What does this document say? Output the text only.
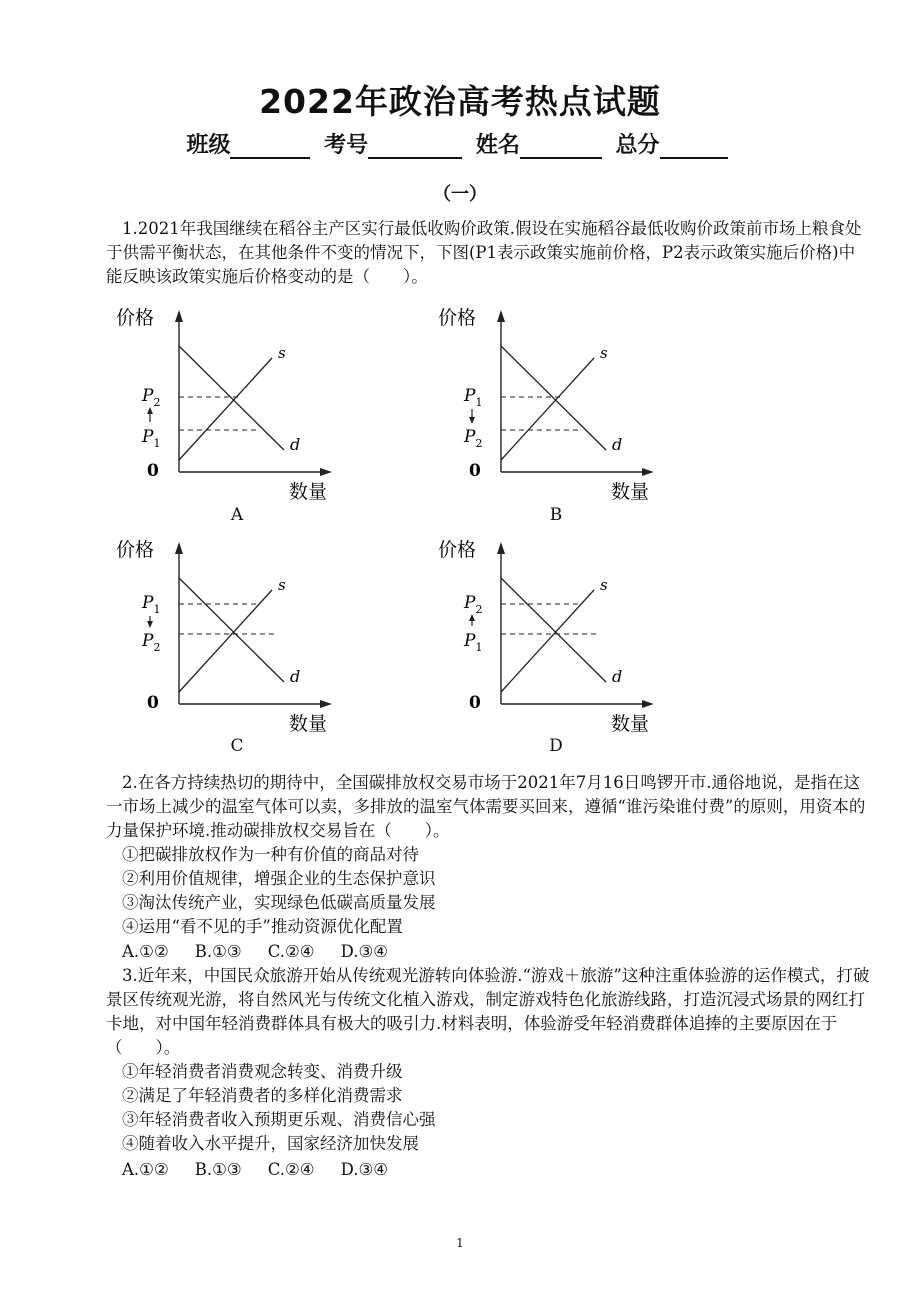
2022年政治高考热点试题
班级	考号	姓名	总分
（一）
1.2021年我国继续在稻谷主产区实行最低收购价政策.假设在实施稻谷最低收购价政策前市场上粮食处于供需平衡状态，在其他条件不变的情况下，下图(P1表示政策实施前价格，P2表示政策实施后价格)中能反映该政策实施后价格变动的是（　　）。
价格
数量
0
s
d
$P_2$
$P_1$
价格
数量
0
s
d
$P_1$
$P_2$
价格
数量
0
s
d
$P_1$
$P_2$
价格
数量
0
s
d
$P_2$
$P_1$
A	B
C	D
2.在各方持续热切的期待中，全国碳排放权交易市场于2021年7月16日鸣锣开市.通俗地说，是指在这一市场上减少的温室气体可以卖，多排放的温室气体需要买回来，遵循“谁污染谁付费”的原则，用资本的力量保护环境.推动碳排放权交易旨在（　　）。
①把碳排放权作为一种有价值的商品对待
②利用价值规律，增强企业的生态保护意识
③淘汰传统产业，实现绿色低碳高质量发展
④运用“看不见的手”推动资源优化配置
A.①② B.①③ C.②④ D.③④
3.近年来，中国民众旅游开始从传统观光游转向体验游.“游戏＋旅游”这种注重体验游的运作模式，打破景区传统观光游，将自然风光与传统文化植入游戏，制定游戏特色化旅游线路，打造沉浸式场景的网红打卡地，对中国年轻消费群体具有极大的吸引力.材料表明，体验游受年轻消费群体追捧的主要原因在于（　　）。
①年轻消费者消费观念转变、消费升级
②满足了年轻消费者的多样化消费需求
③年轻消费者收入预期更乐观、消费信心强
④随着收入水平提升，国家经济加快发展
A.①② B.①③ C.②④ D.③④
1
